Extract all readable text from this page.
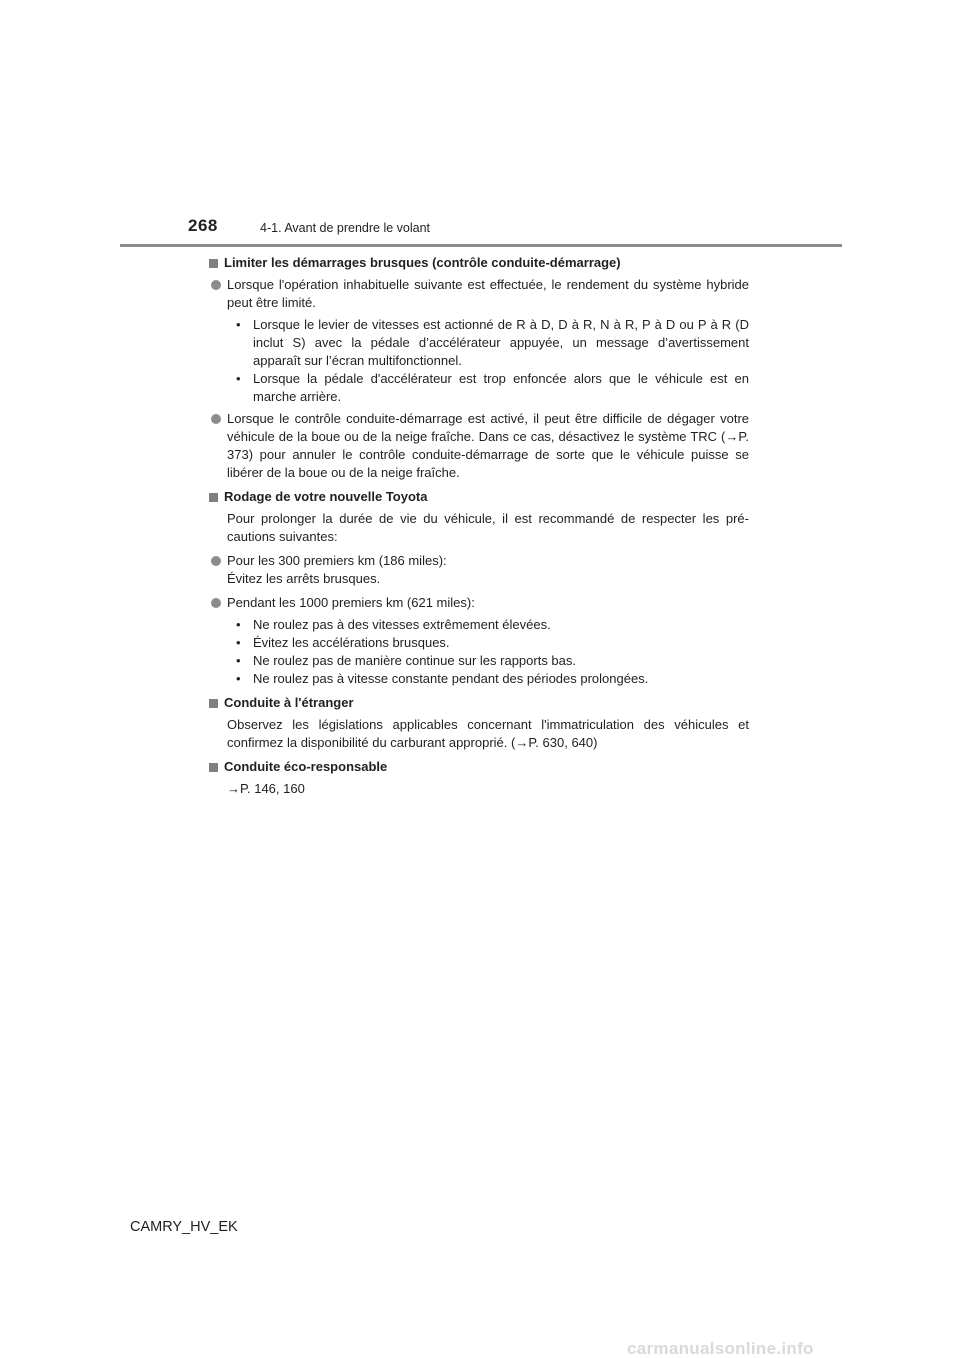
268	4-1. Avant de prendre le volant
Limiter les démarrages brusques (contrôle conduite-démarrage)
Lorsque l'opération inhabituelle suivante est effectuée, le rendement du système hybride peut être limité.
• Lorsque le levier de vitesses est actionné de R à D, D à R, N à R, P à D ou P à R (D inclut S) avec la pédale d’accélérateur appuyée, un message d’avertissement apparaît sur l’écran multifonctionnel.
• Lorsque la pédale d'accélérateur est trop enfoncée alors que le véhicule est en marche arrière.
Lorsque le contrôle conduite-démarrage est activé, il peut être difficile de dégager votre véhicule de la boue ou de la neige fraîche. Dans ce cas, désactivez le système TRC (→P. 373) pour annuler le contrôle conduite-démarrage de sorte que le véhicule puisse se libérer de la boue ou de la neige fraîche.
Rodage de votre nouvelle Toyota
Pour prolonger la durée de vie du véhicule, il est recommandé de respecter les pré-cautions suivantes:
Pour les 300 premiers km (186 miles):
Évitez les arrêts brusques.
Pendant les 1000 premiers km (621 miles):
• Ne roulez pas à des vitesses extrêmement élevées.
• Évitez les accélérations brusques.
• Ne roulez pas de manière continue sur les rapports bas.
• Ne roulez pas à vitesse constante pendant des périodes prolongées.
Conduite à l'étranger
Observez les législations applicables concernant l'immatriculation des véhicules et confirmez la disponibilité du carburant approprié. (→P. 630, 640)
Conduite éco-responsable
→P. 146, 160
CAMRY_HV_EK
carmanualsonline.info
